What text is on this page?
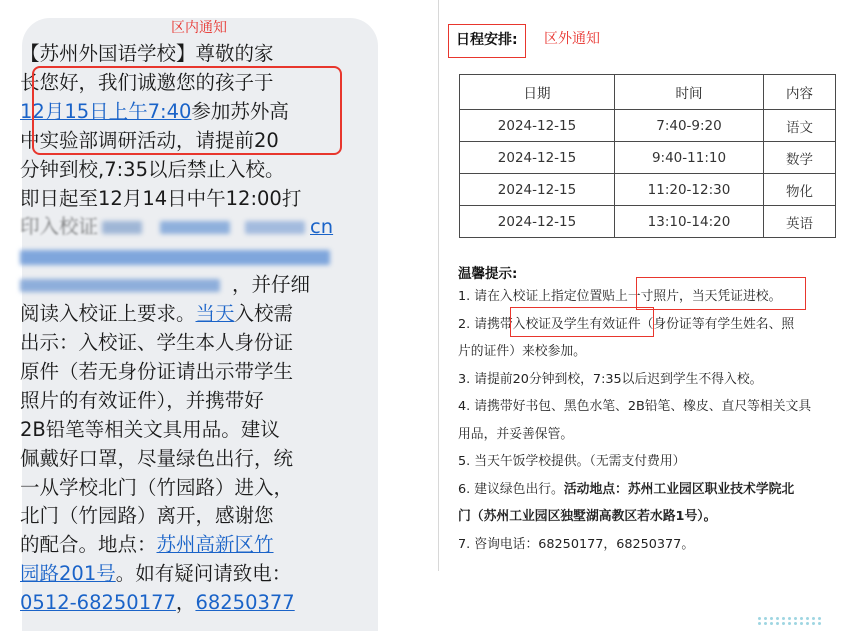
区内通知

【苏州外国语学校】尊敬的家

长您好，我们诚邀您的孩子于

12月15日上午7:40参加苏外高

中实验部调研活动，请提前20

分钟到校,7:35以后禁止入校。

即日起至12月14日中午12:00打

印入校证	cn
，并仔细

阅读入校证上要求。当天入校需

出示：入校证、学生本人身份证

原件（若无身份证请出示带学生

照片的有效证件），并携带好

2B铅笔等相关文具用品。建议

佩戴好口罩，尽量绿色出行，统

一从学校北门（竹园路）进入，

北门（竹园路）离开，感谢您

的配合。地点：苏州高新区竹

园路201号。如有疑问请致电：

0512-68250177，68250377

日程安排:	区外通知
日期	时间	内容
2024-12-15	7:40-9:20	语文
2024-12-15	9:40-11:10	数学
2024-12-15	11:20-12:30	物化
2024-12-15	13:10-14:20	英语
温馨提示:
1. 请在入校证上指定位置贴上一寸照片，当天凭证进校。
2. 请携带入校证及学生有效证件（身份证等有学生姓名、照
片的证件）来校参加。
3. 请提前20分钟到校，7:35以后迟到学生不得入校。
4. 请携带好书包、黑色水笔、2B铅笔、橡皮、直尺等相关文具
用品，并妥善保管。
5. 当天午饭学校提供。（无需支付费用）
6. 建议绿色出行。活动地点：苏州工业园区职业技术学院北
门（苏州工业园区独墅湖高教区若水路1号）。
7. 咨询电话：68250177，68250377。
